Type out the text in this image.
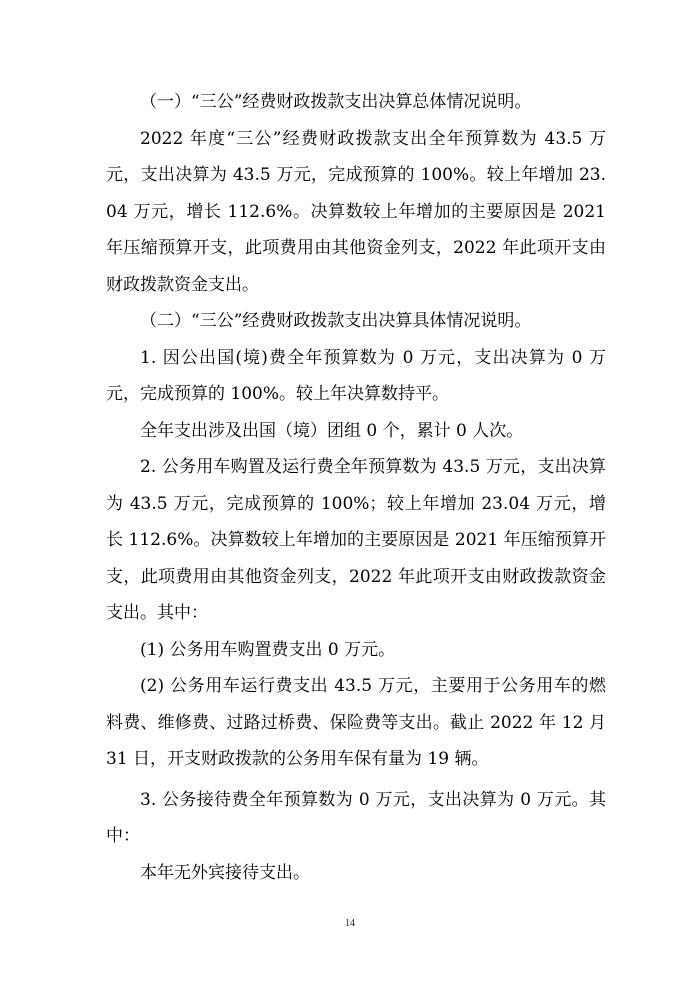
（一）“三公”经费财政拨款支出决算总体情况说明。

2022 年度“三公”经费财政拨款支出全年预算数为 43.5 万元，支出决算为 43.5 万元，完成预算的 100%。较上年增加 23.04 万元，增长 112.6%。决算数较上年增加的主要原因是 2021 年压缩预算开支，此项费用由其他资金列支，2022 年此项开支由财政拨款资金支出。

（二）“三公”经费财政拨款支出决算具体情况说明。

1. 因公出国(境)费全年预算数为 0 万元，支出决算为 0 万元，完成预算的 100%。较上年决算数持平。

全年支出涉及出国（境）团组 0 个，累计 0 人次。

2. 公务用车购置及运行费全年预算数为 43.5 万元，支出决算为 43.5 万元，完成预算的 100%；较上年增加 23.04 万元，增长 112.6%。决算数较上年增加的主要原因是 2021 年压缩预算开支，此项费用由其他资金列支，2022 年此项开支由财政拨款资金支出。其中：

(1) 公务用车购置费支出 0 万元。

(2) 公务用车运行费支出 43.5 万元，主要用于公务用车的燃料费、维修费、过路过桥费、保险费等支出。截止 2022 年 12 月 31 日，开支财政拨款的公务用车保有量为 19 辆。

3. 公务接待费全年预算数为 0 万元，支出决算为 0 万元。其中：

本年无外宾接待支出。

14
